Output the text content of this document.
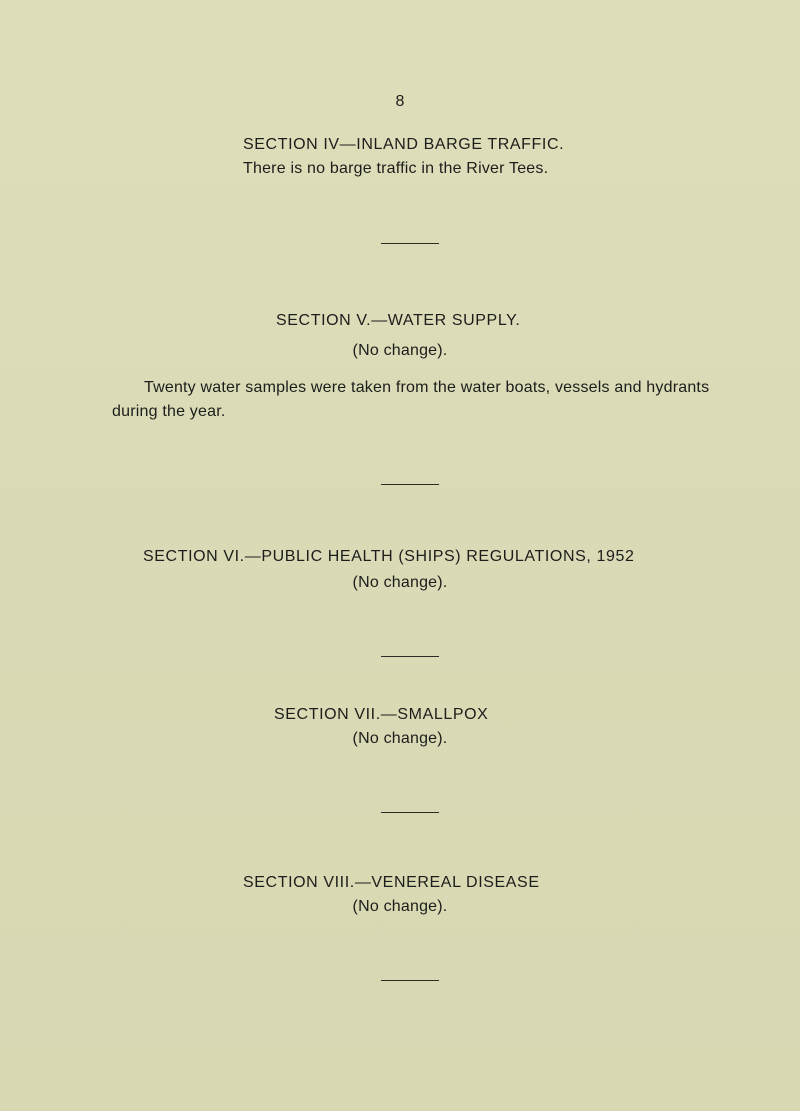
8
SECTION IV—INLAND BARGE TRAFFIC.
There is no barge traffic in the River Tees.
SECTION V.—WATER SUPPLY.
(No change).
Twenty water samples were taken from the water boats, vessels and hydrants
during the year.
SECTION VI.—PUBLIC HEALTH (SHIPS) REGULATIONS, 1952
(No change).
SECTION VII.—SMALLPOX
(No change).
SECTION VIII.—VENEREAL DISEASE
(No change).
